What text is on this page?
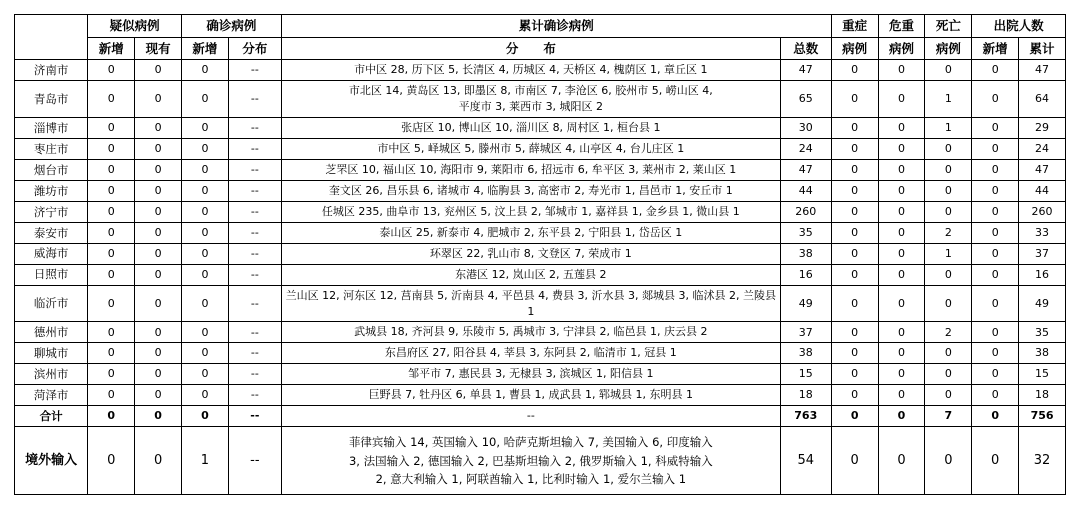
	疑似病例		确诊病例		累计确诊病例		重症	危重	死亡	出院人数	
	新增	现有	新增	分布	分　　布	总数	病例	病例	病例	新增	累计
济南市	0	0	0	--	市中区 28, 历下区 5, 长清区 4, 历城区 4, 天桥区 4, 槐荫区 1, 章丘区 1	47	0	0	0	0	47
青岛市	0	0	0	--	市北区 14, 黄岛区 13, 即墨区 8, 市南区 7, 李沧区 6, 胶州市 5, 崂山区 4,
平度市 3, 莱西市 3, 城阳区 2	65	0	0	1	0	64
淄博市	0	0	0	--	张店区 10, 博山区 10, 淄川区 8, 周村区 1, 桓台县 1	30	0	0	1	0	29
枣庄市	0	0	0	--	市中区 5, 峄城区 5, 滕州市 5, 薛城区 4, 山亭区 4, 台儿庄区 1	24	0	0	0	0	24
烟台市	0	0	0	--	芝罘区 10, 福山区 10, 海阳市 9, 莱阳市 6, 招远市 6, 牟平区 3, 莱州市 2, 莱山区 1	47	0	0	0	0	47
潍坊市	0	0	0	--	奎文区 26, 昌乐县 6, 诸城市 4, 临朐县 3, 高密市 2, 寿光市 1, 昌邑市 1, 安丘市 1	44	0	0	0	0	44
济宁市	0	0	0	--	任城区 235, 曲阜市 13, 兖州区 5, 汶上县 2, 邹城市 1, 嘉祥县 1, 金乡县 1, 微山县 1	260	0	0	0	0	260
泰安市	0	0	0	--	泰山区 25, 新泰市 4, 肥城市 2, 东平县 2, 宁阳县 1, 岱岳区 1	35	0	0	2	0	33
威海市	0	0	0	--	环翠区 22, 乳山市 8, 文登区 7, 荣成市 1	38	0	0	1	0	37
日照市	0	0	0	--	东港区 12, 岚山区 2, 五莲县 2	16	0	0	0	0	16
临沂市	0	0	0	--	兰山区 12, 河东区 12, 莒南县 5, 沂南县 4, 平邑县 4, 费县 3, 沂水县 3, 郯城县 3, 临沭县 2, 兰陵县 1	49	0	0	0	0	49
德州市	0	0	0	--	武城县 18, 齐河县 9, 乐陵市 5, 禹城市 3, 宁津县 2, 临邑县 1, 庆云县 2	37	0	0	2	0	35
聊城市	0	0	0	--	东昌府区 27, 阳谷县 4, 莘县 3, 东阿县 2, 临清市 1, 冠县 1	38	0	0	0	0	38
滨州市	0	0	0	--	邹平市 7, 惠民县 3, 无棣县 3, 滨城区 1, 阳信县 1	15	0	0	0	0	15
菏泽市	0	0	0	--	巨野县 7, 牡丹区 6, 单县 1, 曹县 1, 成武县 1, 郓城县 1, 东明县 1	18	0	0	0	0	18
合计	0	0	0	--	--	763	0	0	7	0	756
境外输入	0	0	1	--	菲律宾输入 14, 英国输入 10, 哈萨克斯坦输入 7, 美国输入 6, 印度输入
3, 法国输入 2, 德国输入 2, 巴基斯坦输入 2, 俄罗斯输入 1, 科威特输入
2, 意大利输入 1, 阿联酋输入 1, 比利时输入 1, 爱尔兰输入 1	54	0	0	0	0	32
